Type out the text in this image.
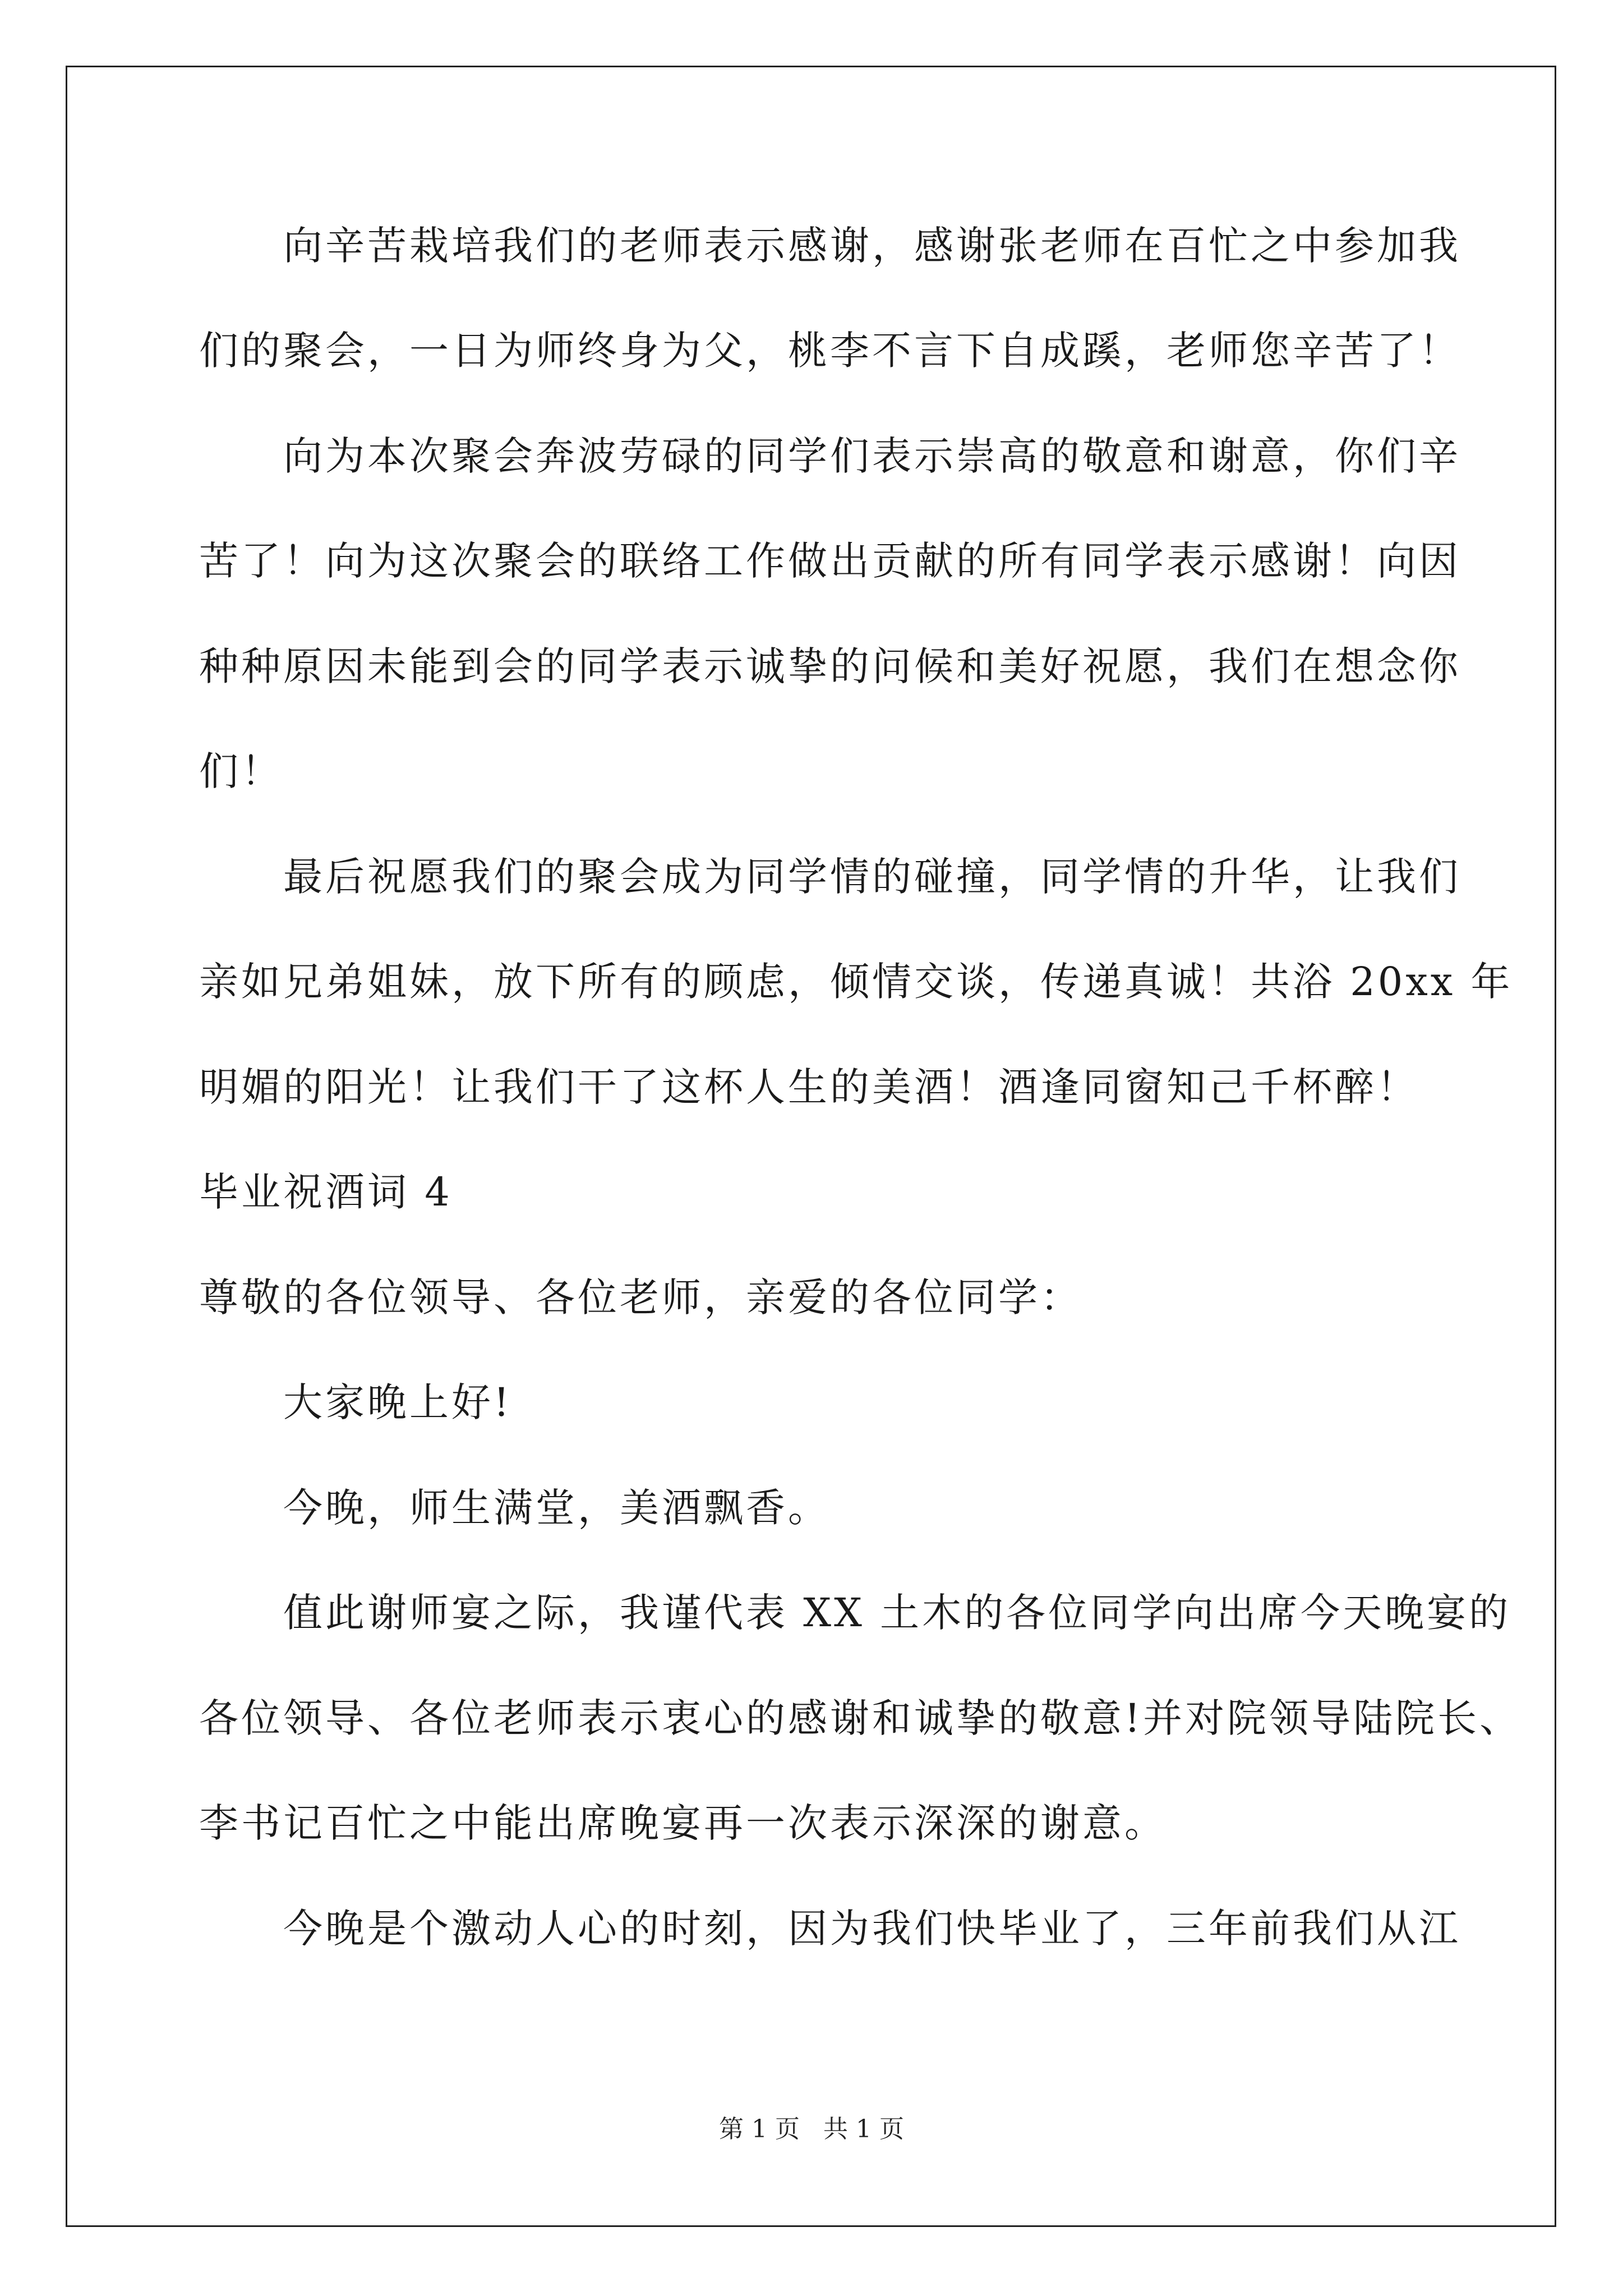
　　向辛苦栽培我们的老师表示感谢，感谢张老师在百忙之中参加我
们的聚会，一日为师终身为父，桃李不言下自成蹊，老师您辛苦了！
　　向为本次聚会奔波劳碌的同学们表示崇高的敬意和谢意，你们辛
苦了！向为这次聚会的联络工作做出贡献的所有同学表示感谢！向因
种种原因未能到会的同学表示诚挚的问候和美好祝愿，我们在想念你
们！
　　最后祝愿我们的聚会成为同学情的碰撞，同学情的升华，让我们
亲如兄弟姐妹，放下所有的顾虑，倾情交谈，传递真诚！共浴 20xx 年
明媚的阳光！让我们干了这杯人生的美酒！酒逢同窗知己千杯醉！
毕业祝酒词 4
尊敬的各位领导、各位老师，亲爱的各位同学：
　　大家晚上好!
　　今晚，师生满堂，美酒飘香。
　　值此谢师宴之际，我谨代表 XX 土木的各位同学向出席今天晚宴的
各位领导、各位老师表示衷心的感谢和诚挚的敬意!并对院领导陆院长、
李书记百忙之中能出席晚宴再一次表示深深的谢意。
　　今晚是个激动人心的时刻，因为我们快毕业了，三年前我们从江
第 1 页 共 1 页
